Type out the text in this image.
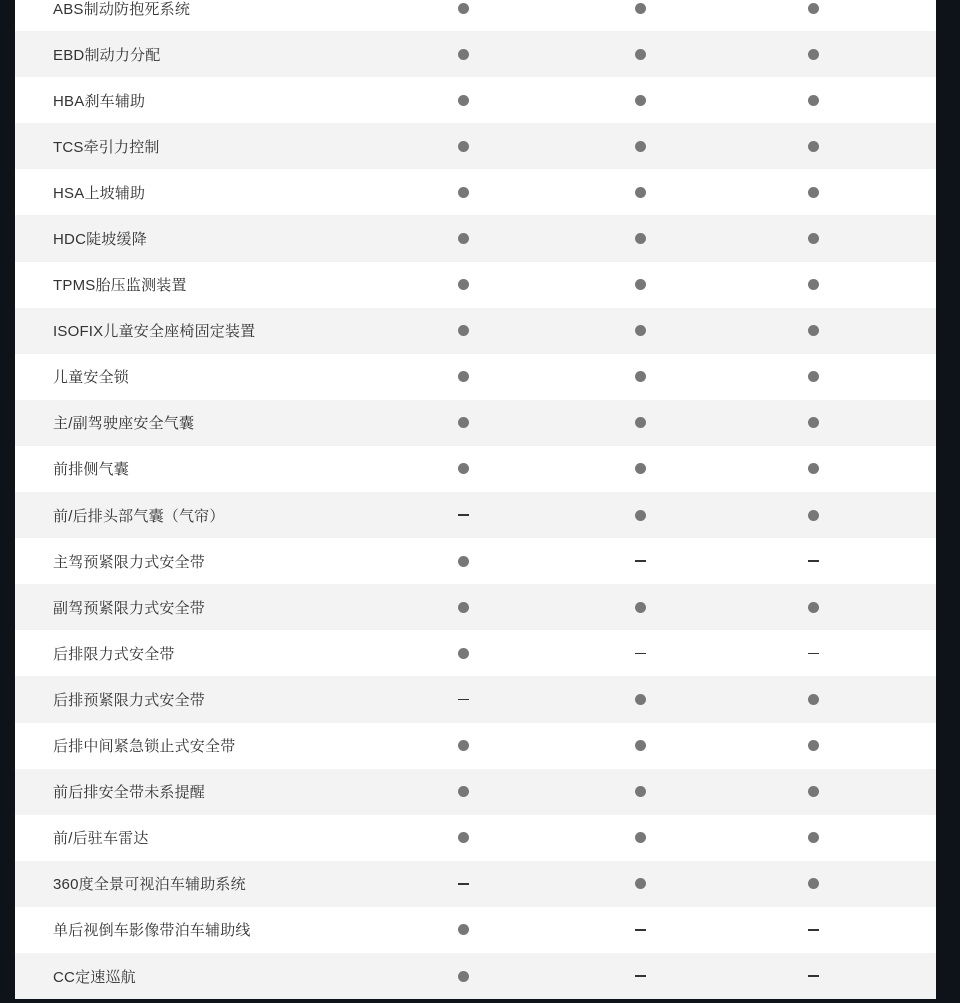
ABS制动防抱死系统
EBD制动力分配
HBA刹车辅助
TCS牵引力控制
HSA上坡辅助
HDC陡坡缓降
TPMS胎压监测装置
ISOFIX儿童安全座椅固定装置
儿童安全锁
主/副驾驶座安全气囊
前排侧气囊
前/后排头部气囊（气帘）
主驾预紧限力式安全带
副驾预紧限力式安全带
后排限力式安全带
后排预紧限力式安全带
后排中间紧急锁止式安全带
前后排安全带未系提醒
前/后驻车雷达
360度全景可视泊车辅助系统
单后视倒车影像带泊车辅助线
CC定速巡航
